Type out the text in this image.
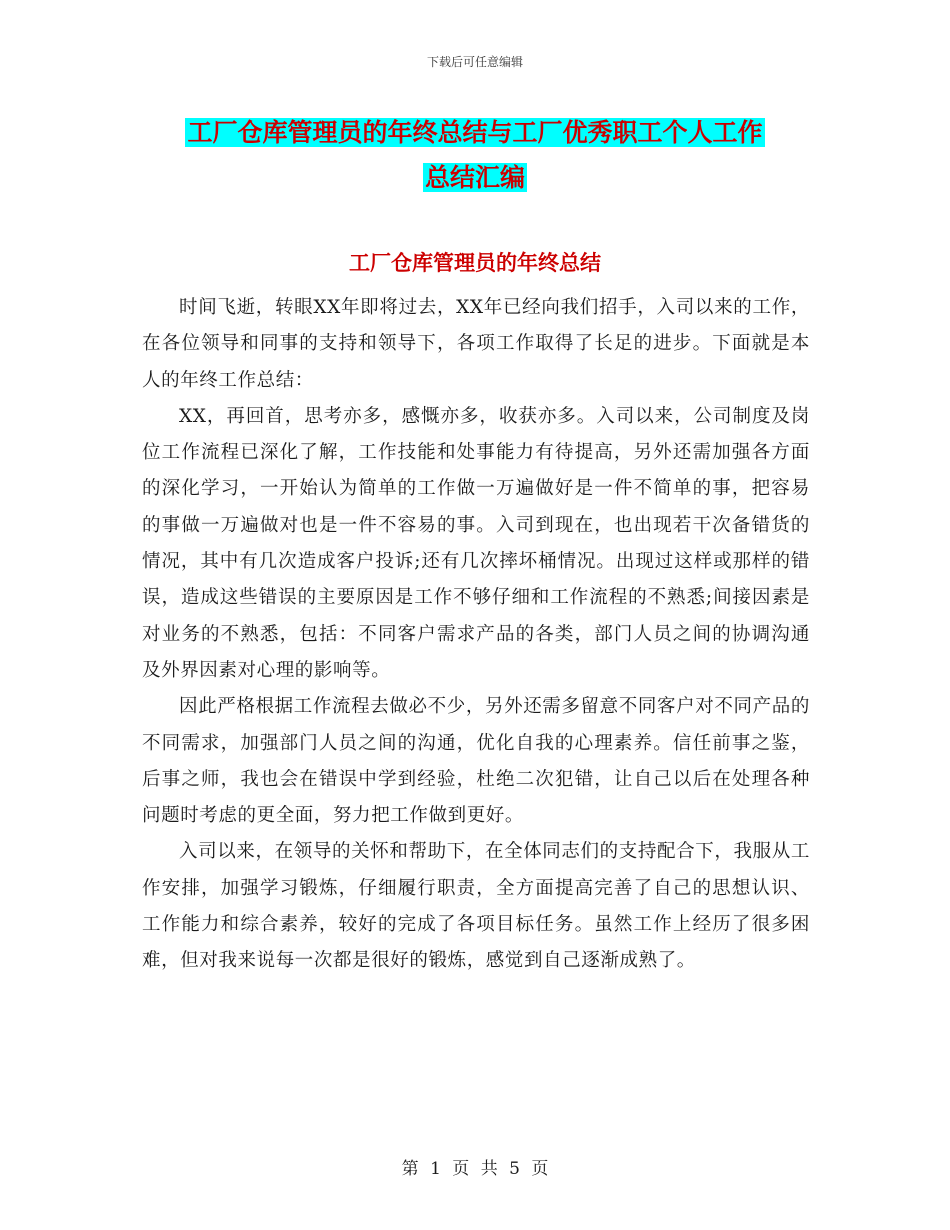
下载后可任意编辑
工厂仓库管理员的年终总结与工厂优秀职工个人工作
总结汇编
工厂仓库管理员的年终总结

时间飞逝，转眼XX年即将过去，XX年已经向我们招手，入司以来的工作，在各位领导和同事的支持和领导下，各项工作取得了长足的进步。下面就是本人的年终工作总结：

XX，再回首，思考亦多，感慨亦多，收获亦多。入司以来，公司制度及岗位工作流程已深化了解，工作技能和处事能力有待提高，另外还需加强各方面的深化学习，一开始认为简单的工作做一万遍做好是一件不简单的事，把容易的事做一万遍做对也是一件不容易的事。入司到现在，也出现若干次备错货的情况，其中有几次造成客户投诉;还有几次摔坏桶情况。出现过这样或那样的错误，造成这些错误的主要原因是工作不够仔细和工作流程的不熟悉;间接因素是对业务的不熟悉，包括：不同客户需求产品的各类，部门人员之间的协调沟通及外界因素对心理的影响等。

因此严格根据工作流程去做必不少，另外还需多留意不同客户对不同产品的不同需求，加强部门人员之间的沟通，优化自我的心理素养。信任前事之鉴，后事之师，我也会在错误中学到经验，杜绝二次犯错，让自己以后在处理各种问题时考虑的更全面，努力把工作做到更好。

入司以来，在领导的关怀和帮助下，在全体同志们的支持配合下，我服从工作安排，加强学习锻炼，仔细履行职责，全方面提高完善了自己的思想认识、工作能力和综合素养，较好的完成了各项目标任务。虽然工作上经历了很多困难，但对我来说每一次都是很好的锻炼，感觉到自己逐渐成熟了。

第 1 页 共 5 页
